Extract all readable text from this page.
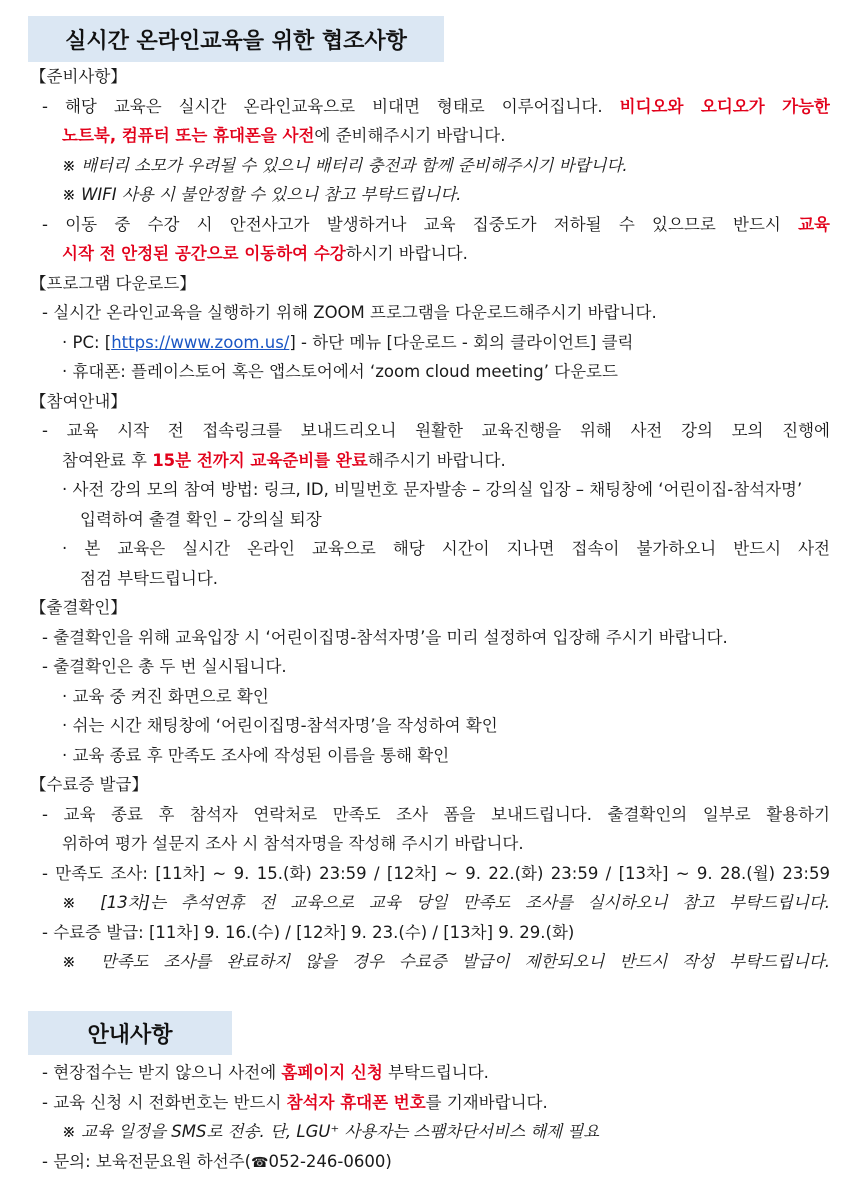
실시간 온라인교육을 위한 협조사항
【준비사항】
- 해당 교육은 실시간 온라인교육으로 비대면 형태로 이루어집니다. 비디오와 오디오가 가능한
노트북, 컴퓨터 또는 휴대폰을 사전에 준비해주시기 바랍니다.
※ 배터리 소모가 우려될 수 있으니 배터리 충전과 함께 준비해주시기 바랍니다.
※ WIFI 사용 시 불안정할 수 있으니 참고 부탁드립니다.
- 이동 중 수강 시 안전사고가 발생하거나 교육 집중도가 저하될 수 있으므로 반드시 교육
시작 전 안정된 공간으로 이동하여 수강하시기 바랍니다.
【프로그램 다운로드】
- 실시간 온라인교육을 실행하기 위해 ZOOM 프로그램을 다운로드해주시기 바랍니다.
· PC: [https://www.zoom.us/] - 하단 메뉴 [다운로드 - 회의 클라이언트] 클릭
· 휴대폰: 플레이스토어 혹은 앱스토어에서 ‘zoom cloud meeting’ 다운로드
【참여안내】
- 교육 시작 전 접속링크를 보내드리오니 원활한 교육진행을 위해 사전 강의 모의 진행에
참여완료 후 15분 전까지 교육준비를 완료해주시기 바랍니다.
· 사전 강의 모의 참여 방법: 링크, ID, 비밀번호 문자발송 – 강의실 입장 – 채팅창에 ‘어린이집-참석자명’
입력하여 출결 확인 – 강의실 퇴장
· 본 교육은 실시간 온라인 교육으로 해당 시간이 지나면 접속이 불가하오니 반드시 사전
점검 부탁드립니다.
【출결확인】
- 출결확인을 위해 교육입장 시 ‘어린이집명-참석자명’을 미리 설정하여 입장해 주시기 바랍니다.
- 출결확인은 총 두 번 실시됩니다.
· 교육 중 켜진 화면으로 확인
· 쉬는 시간 채팅창에 ‘어린이집명-참석자명’을 작성하여 확인
· 교육 종료 후 만족도 조사에 작성된 이름을 통해 확인
【수료증 발급】
- 교육 종료 후 참석자 연락처로 만족도 조사 폼을 보내드립니다. 출결확인의 일부로 활용하기
위하여 평가 설문지 조사 시 참석자명을 작성해 주시기 바랍니다.
- 만족도 조사: [11차] ~ 9. 15.(화) 23:59 / [12차] ~ 9. 22.(화) 23:59 / [13차] ~ 9. 28.(월) 23:59
※ [13차]는 추석연휴 전 교육으로 교육 당일 만족도 조사를 실시하오니 참고 부탁드립니다.
- 수료증 발급: [11차] 9. 16.(수) / [12차] 9. 23.(수) / [13차] 9. 29.(화)
※ 만족도 조사를 완료하지 않을 경우 수료증 발급이 제한되오니 반드시 작성 부탁드립니다.
안내사항
- 현장접수는 받지 않으니 사전에 홈페이지 신청 부탁드립니다.
- 교육 신청 시 전화번호는 반드시 참석자 휴대폰 번호를 기재바랍니다.
※ 교육 일정을 SMS로 전송. 단, LGU⁺ 사용자는 스팸차단서비스 해제 필요
- 문의: 보육전문요원 하선주(☎052-246-0600)
